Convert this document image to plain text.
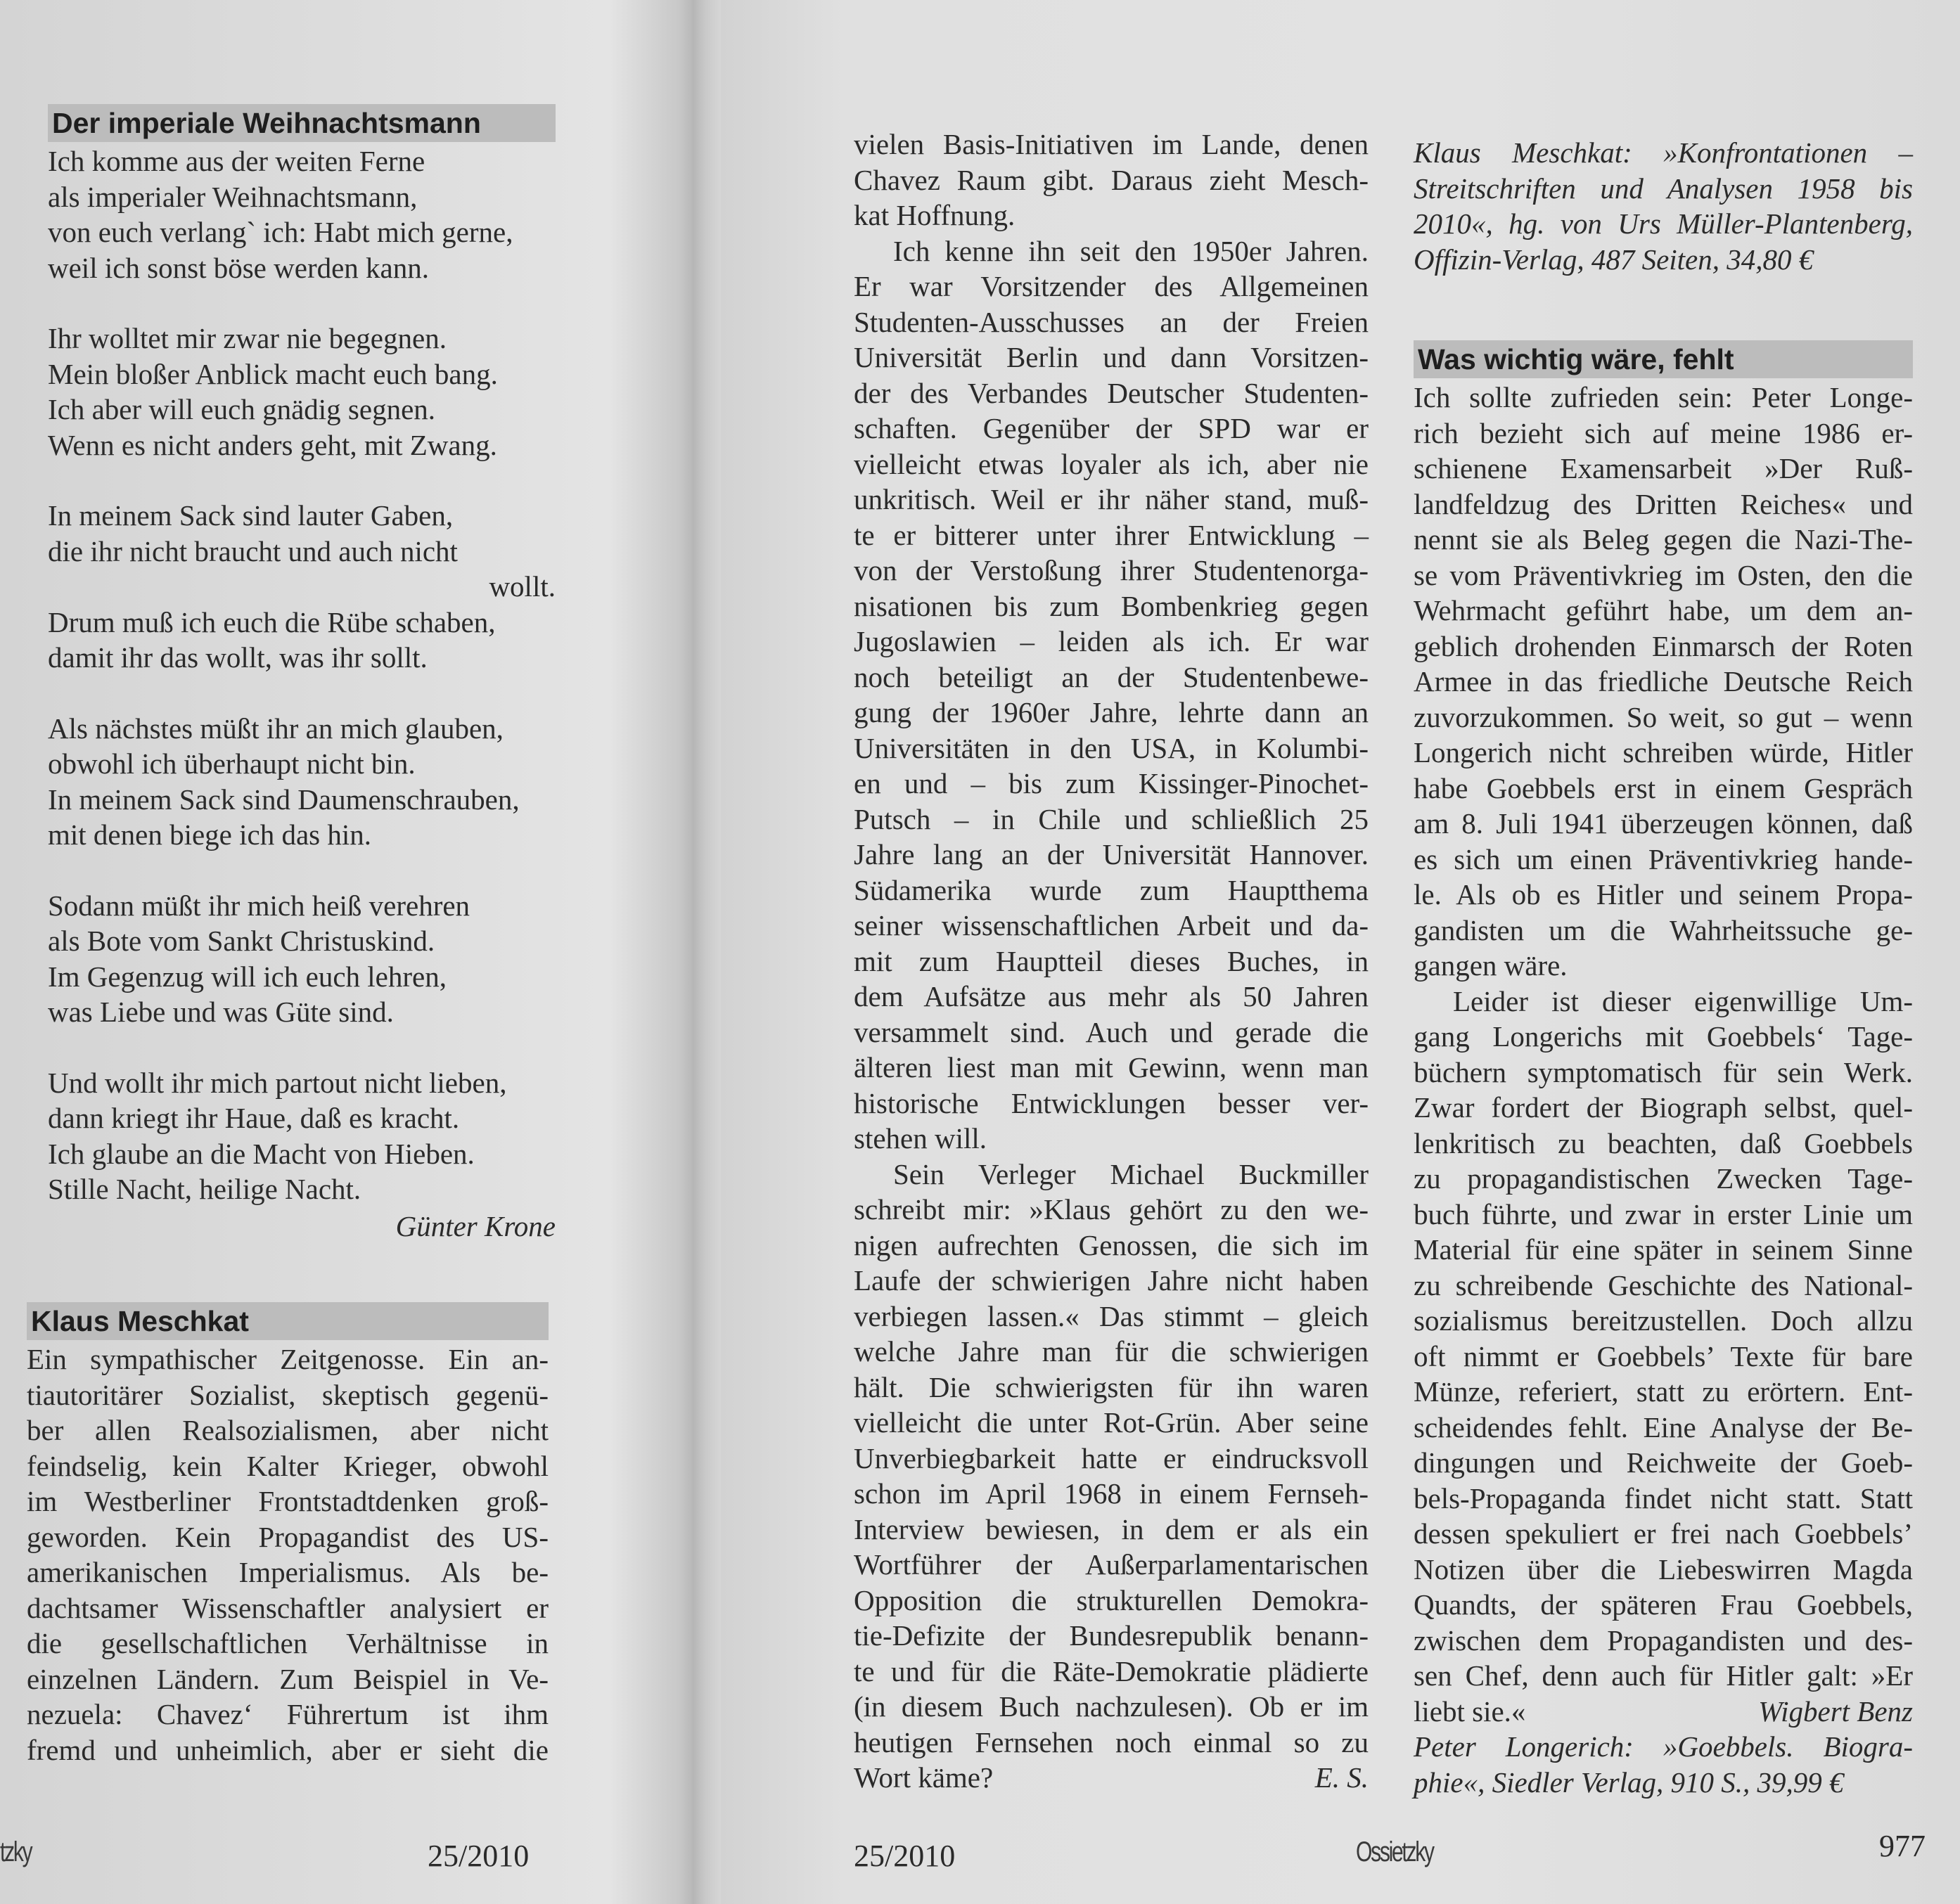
Der imperiale Weihnachtsmann
Ich komme aus der weiten Ferne
als imperialer Weihnachtsmann,
von euch verlang` ich: Habt mich gerne,
weil ich sonst böse werden kann.
Ihr wolltet mir zwar nie begegnen.
Mein bloßer Anblick macht euch bang.
Ich aber will euch gnädig segnen.
Wenn es nicht anders geht, mit Zwang.
In meinem Sack sind lauter Gaben,
die ihr nicht braucht und auch nicht
wollt.
Drum muß ich euch die Rübe schaben,
damit ihr das wollt, was ihr sollt.
Als nächstes müßt ihr an mich glauben,
obwohl ich überhaupt nicht bin.
In meinem Sack sind Daumenschrauben,
mit denen biege ich das hin.
Sodann müßt ihr mich heiß verehren
als Bote vom Sankt Christuskind.
Im Gegenzug will ich euch lehren,
was Liebe und was Güte sind.
Und wollt ihr mich partout nicht lieben,
dann kriegt ihr Haue, daß es kracht.
Ich glaube an die Macht von Hieben.
Stille Nacht, heilige Nacht.
Günter Krone
Klaus Meschkat
Ein sympathischer Zeitgenosse. Ein an-
tiautoritärer Sozialist, skeptisch gegenü-
ber allen Realsozialismen, aber nicht
feindselig, kein Kalter Krieger, obwohl
im Westberliner Frontstadtdenken groß-
geworden. Kein Propagandist des US-
amerikanischen Imperialismus. Als be-
dachtsamer Wissenschaftler analysiert er
die gesellschaftlichen Verhältnisse in
einzelnen Ländern. Zum Beispiel in Ve-
nezuela: Chavez‘ Führertum ist ihm
fremd und unheimlich, aber er sieht die
vielen Basis-Initiativen im Lande, denen
Chavez Raum gibt. Daraus zieht Mesch-
kat Hoffnung.
Ich kenne ihn seit den 1950er Jahren.
Er war Vorsitzender des Allgemeinen
Studenten-Ausschusses an der Freien
Universität Berlin und dann Vorsitzen-
der des Verbandes Deutscher Studenten-
schaften. Gegenüber der SPD war er
vielleicht etwas loyaler als ich, aber nie
unkritisch. Weil er ihr näher stand, muß-
te er bitterer unter ihrer Entwicklung –
von der Verstoßung ihrer Studentenorga-
nisationen bis zum Bombenkrieg gegen
Jugoslawien – leiden als ich. Er war
noch beteiligt an der Studentenbewe-
gung der 1960er Jahre, lehrte dann an
Universitäten in den USA, in Kolumbi-
en und – bis zum Kissinger-Pinochet-
Putsch – in Chile und schließlich 25
Jahre lang an der Universität Hannover.
Südamerika wurde zum Hauptthema
seiner wissenschaftlichen Arbeit und da-
mit zum Hauptteil dieses Buches, in
dem Aufsätze aus mehr als 50 Jahren
versammelt sind. Auch und gerade die
älteren liest man mit Gewinn, wenn man
historische Entwicklungen besser ver-
stehen will.
Sein Verleger Michael Buckmiller
schreibt mir: »Klaus gehört zu den we-
nigen aufrechten Genossen, die sich im
Laufe der schwierigen Jahre nicht haben
verbiegen lassen.« Das stimmt – gleich
welche Jahre man für die schwierigen
hält. Die schwierigsten für ihn waren
vielleicht die unter Rot-Grün. Aber seine
Unverbiegbarkeit hatte er eindrucksvoll
schon im April 1968 in einem Fernseh-
Interview bewiesen, in dem er als ein
Wortführer der Außerparlamentarischen
Opposition die strukturellen Demokra-
tie-Defizite der Bundesrepublik benann-
te und für die Räte-Demokratie plädierte
(in diesem Buch nachzulesen). Ob er im
heutigen Fernsehen noch einmal so zu
Wort käme?	E. S.
Klaus Meschkat: »Konfrontationen –
Streitschriften und Analysen 1958 bis
2010«, hg. von Urs Müller-Plantenberg,
Offizin-Verlag, 487 Seiten, 34,80 €
Was wichtig wäre, fehlt
Ich sollte zufrieden sein: Peter Longe-
rich bezieht sich auf meine 1986 er-
schienene Examensarbeit »Der Ruß-
landfeldzug des Dritten Reiches« und
nennt sie als Beleg gegen die Nazi-The-
se vom Präventivkrieg im Osten, den die
Wehrmacht geführt habe, um dem an-
geblich drohenden Einmarsch der Roten
Armee in das friedliche Deutsche Reich
zuvorzukommen. So weit, so gut – wenn
Longerich nicht schreiben würde, Hitler
habe Goebbels erst in einem Gespräch
am 8. Juli 1941 überzeugen können, daß
es sich um einen Präventivkrieg hande-
le. Als ob es Hitler und seinem Propa-
gandisten um die Wahrheitssuche ge-
gangen wäre.
Leider ist dieser eigenwillige Um-
gang Longerichs mit Goebbels‘ Tage-
büchern symptomatisch für sein Werk.
Zwar fordert der Biograph selbst, quel-
lenkritisch zu beachten, daß Goebbels
zu propagandistischen Zwecken Tage-
buch führte, und zwar in erster Linie um
Material für eine später in seinem Sinne
zu schreibende Geschichte des National-
sozialismus bereitzustellen. Doch allzu
oft nimmt er Goebbels’ Texte für bare
Münze, referiert, statt zu erörtern. Ent-
scheidendes fehlt. Eine Analyse der Be-
dingungen und Reichweite der Goeb-
bels-Propaganda findet nicht statt. Statt
dessen spekuliert er frei nach Goebbels’
Notizen über die Liebeswirren Magda
Quandts, der späteren Frau Goebbels,
zwischen dem Propagandisten und des-
sen Chef, denn auch für Hitler galt: »Er
liebt sie.«	Wigbert Benz
Peter Longerich: »Goebbels. Biogra-
phie«, Siedler Verlag, 910 S., 39,99 €
tzky	25/2010	25/2010	Ossietzky	977
